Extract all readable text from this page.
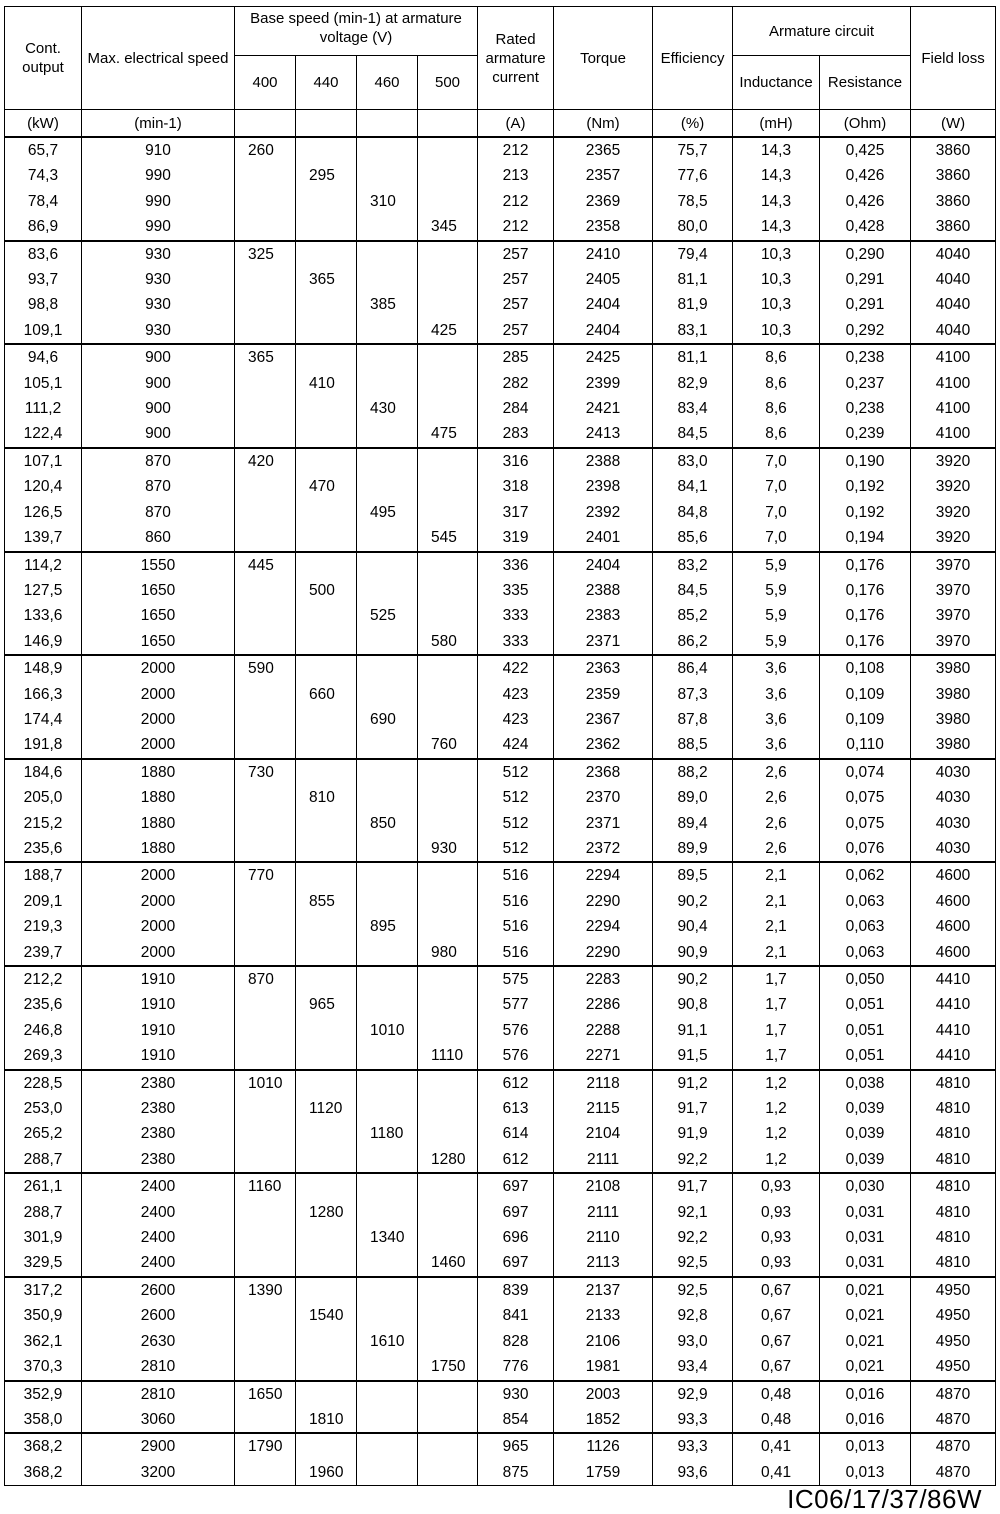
Cont. output	Max. electrical speed	Base speed (min-1) at armature voltage (V)				Rated armature current	Torque	Efficiency	Armature circuit		Field loss
		400	440	460	500				Inductance	Resistance	
(kW)	(min-1)					(A)	(Nm)	(%)	(mH)	(Ohm)	(W)
65,7	910	260				212	2365	75,7	14,3	0,425	3860
74,3	990		295			213	2357	77,6	14,3	0,426	3860
78,4	990			310		212	2369	78,5	14,3	0,426	3860
86,9	990				345	212	2358	80,0	14,3	0,428	3860
83,6	930	325				257	2410	79,4	10,3	0,290	4040
93,7	930		365			257	2405	81,1	10,3	0,291	4040
98,8	930			385		257	2404	81,9	10,3	0,291	4040
109,1	930				425	257	2404	83,1	10,3	0,292	4040
94,6	900	365				285	2425	81,1	8,6	0,238	4100
105,1	900		410			282	2399	82,9	8,6	0,237	4100
111,2	900			430		284	2421	83,4	8,6	0,238	4100
122,4	900				475	283	2413	84,5	8,6	0,239	4100
107,1	870	420				316	2388	83,0	7,0	0,190	3920
120,4	870		470			318	2398	84,1	7,0	0,192	3920
126,5	870			495		317	2392	84,8	7,0	0,192	3920
139,7	860				545	319	2401	85,6	7,0	0,194	3920
114,2	1550	445				336	2404	83,2	5,9	0,176	3970
127,5	1650		500			335	2388	84,5	5,9	0,176	3970
133,6	1650			525		333	2383	85,2	5,9	0,176	3970
146,9	1650				580	333	2371	86,2	5,9	0,176	3970
148,9	2000	590				422	2363	86,4	3,6	0,108	3980
166,3	2000		660			423	2359	87,3	3,6	0,109	3980
174,4	2000			690		423	2367	87,8	3,6	0,109	3980
191,8	2000				760	424	2362	88,5	3,6	0,110	3980
184,6	1880	730				512	2368	88,2	2,6	0,074	4030
205,0	1880		810			512	2370	89,0	2,6	0,075	4030
215,2	1880			850		512	2371	89,4	2,6	0,075	4030
235,6	1880				930	512	2372	89,9	2,6	0,076	4030
188,7	2000	770				516	2294	89,5	2,1	0,062	4600
209,1	2000		855			516	2290	90,2	2,1	0,063	4600
219,3	2000			895		516	2294	90,4	2,1	0,063	4600
239,7	2000				980	516	2290	90,9	2,1	0,063	4600
212,2	1910	870				575	2283	90,2	1,7	0,050	4410
235,6	1910		965			577	2286	90,8	1,7	0,051	4410
246,8	1910			1010		576	2288	91,1	1,7	0,051	4410
269,3	1910				1110	576	2271	91,5	1,7	0,051	4410
228,5	2380	1010				612	2118	91,2	1,2	0,038	4810
253,0	2380		1120			613	2115	91,7	1,2	0,039	4810
265,2	2380			1180		614	2104	91,9	1,2	0,039	4810
288,7	2380				1280	612	2111	92,2	1,2	0,039	4810
261,1	2400	1160				697	2108	91,7	0,93	0,030	4810
288,7	2400		1280			697	2111	92,1	0,93	0,031	4810
301,9	2400			1340		696	2110	92,2	0,93	0,031	4810
329,5	2400				1460	697	2113	92,5	0,93	0,031	4810
317,2	2600	1390				839	2137	92,5	0,67	0,021	4950
350,9	2600		1540			841	2133	92,8	0,67	0,021	4950
362,1	2630			1610		828	2106	93,0	0,67	0,021	4950
370,3	2810				1750	776	1981	93,4	0,67	0,021	4950
352,9	2810	1650				930	2003	92,9	0,48	0,016	4870
358,0	3060		1810			854	1852	93,3	0,48	0,016	4870
368,2	2900	1790				965	1126	93,3	0,41	0,013	4870
368,2	3200		1960			875	1759	93,6	0,41	0,013	4870
IC06/17/37/86W
